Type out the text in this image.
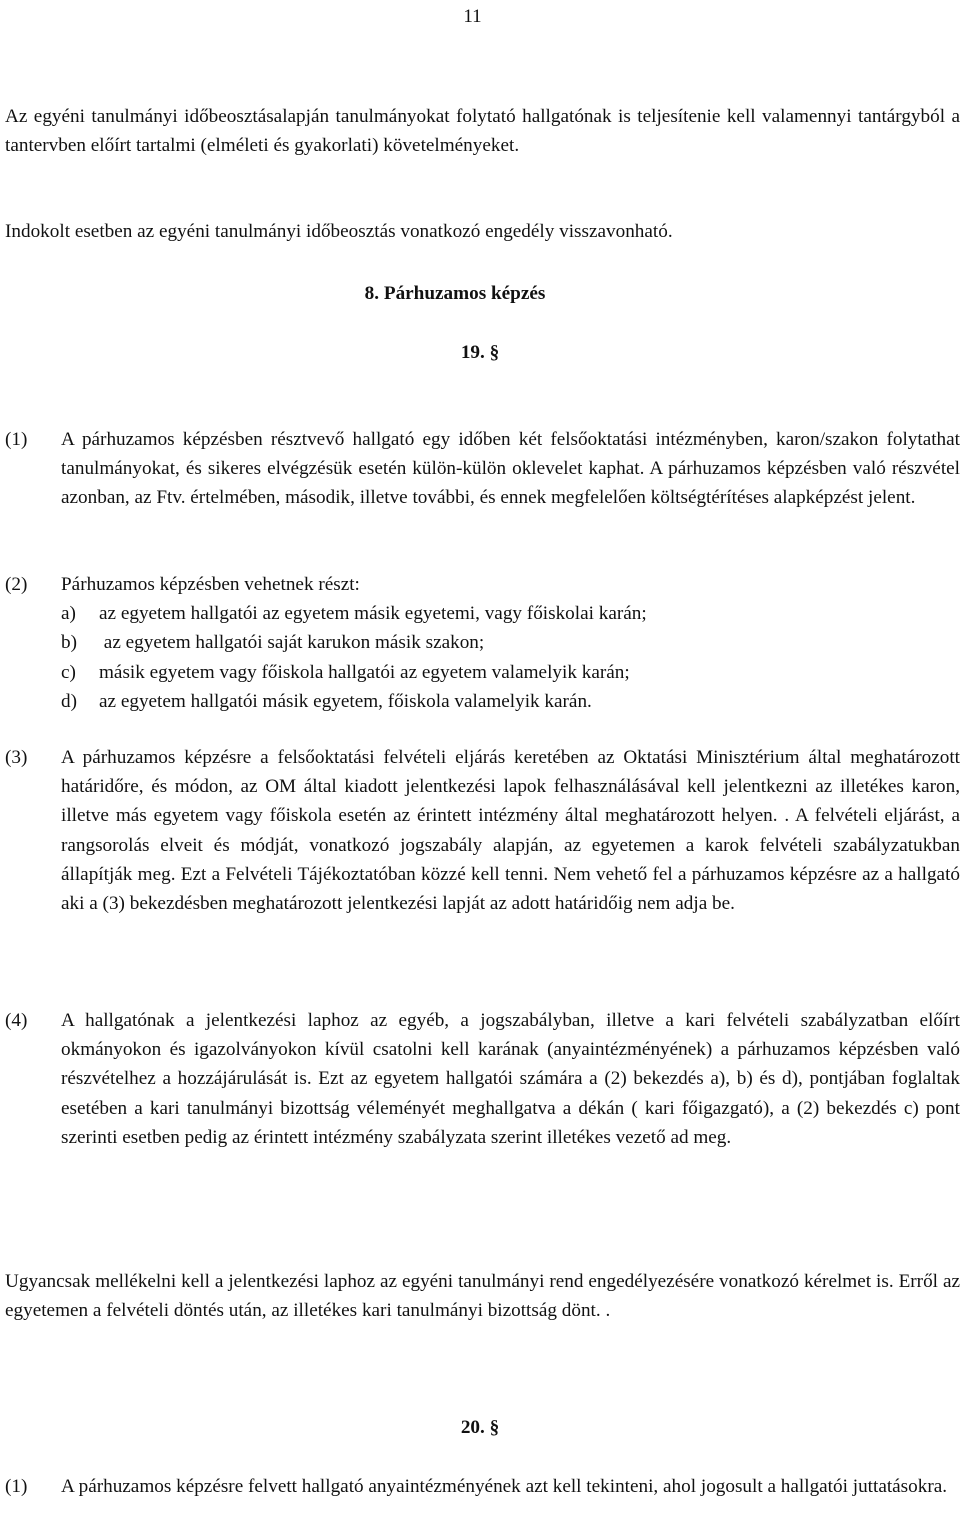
11
Az egyéni tanulmányi időbeosztásalapján tanulmányokat folytató hallgatónak is teljesítenie kell valamennyi tantárgyból a tantervben előírt tartalmi (elméleti és gyakorlati) követelményeket.
Indokolt esetben az egyéni tanulmányi időbeosztás vonatkozó engedély visszavonható.
8. Párhuzamos képzés
19. §
(1) A párhuzamos képzésben résztvevő hallgató egy időben két felsőoktatási intézményben, karon/szakon folytathat tanulmányokat, és sikeres elvégzésük esetén külön-külön oklevelet kaphat. A párhuzamos képzésben való részvétel azonban, az Ftv. értelmében, második, illetve további, és ennek megfelelően költségtérítéses alapképzést jelent.
(2) Párhuzamos képzésben vehetnek részt:
a) az egyetem hallgatói az egyetem másik egyetemi, vagy főiskolai karán;
b) az egyetem hallgatói saját karukon másik szakon;
c) másik egyetem vagy főiskola hallgatói az egyetem valamelyik karán;
d) az egyetem hallgatói másik egyetem, főiskola valamelyik karán.
(3) A párhuzamos képzésre a felsőoktatási felvételi eljárás keretében az Oktatási Minisztérium által meghatározott határidőre, és módon, az OM által kiadott jelentkezési lapok felhasználásával kell jelentkezni az illetékes karon, illetve más egyetem vagy főiskola esetén az érintett intézmény által meghatározott helyen. . A felvételi eljárást, a rangsorolás elveit és módját, vonatkozó jogszabály alapján, az egyetemen a karok felvételi szabályzatukban állapítják meg. Ezt a Felvételi Tájékoztatóban közzé kell tenni. Nem vehető fel a párhuzamos képzésre az a hallgató aki a (3) bekezdésben meghatározott jelentkezési lapját az adott határidőig nem adja be.
(4) A hallgatónak a jelentkezési laphoz az egyéb, a jogszabályban, illetve a kari felvételi szabályzatban előírt okmányokon és igazolványokon kívül csatolni kell karának (anyaintézményének) a párhuzamos képzésben való részvételhez a hozzájárulását is. Ezt az egyetem hallgatói számára a (2) bekezdés a), b) és d), pontjában foglaltak esetében a kari tanulmányi bizottság véleményét meghallgatva a dékán ( kari főigazgató), a (2) bekezdés c) pont szerinti esetben pedig az érintett intézmény szabályzata szerint illetékes vezető ad meg.
Ugyancsak mellékelni kell a jelentkezési laphoz az egyéni tanulmányi rend engedélyezésére vonatkozó kérelmet is. Erről az egyetemen a felvételi döntés után, az illetékes kari tanulmányi bizottság dönt. .
20. §
(1) A párhuzamos képzésre felvett hallgató anyaintézményének azt kell tekinteni, ahol jogosult a hallgatói juttatásokra.
